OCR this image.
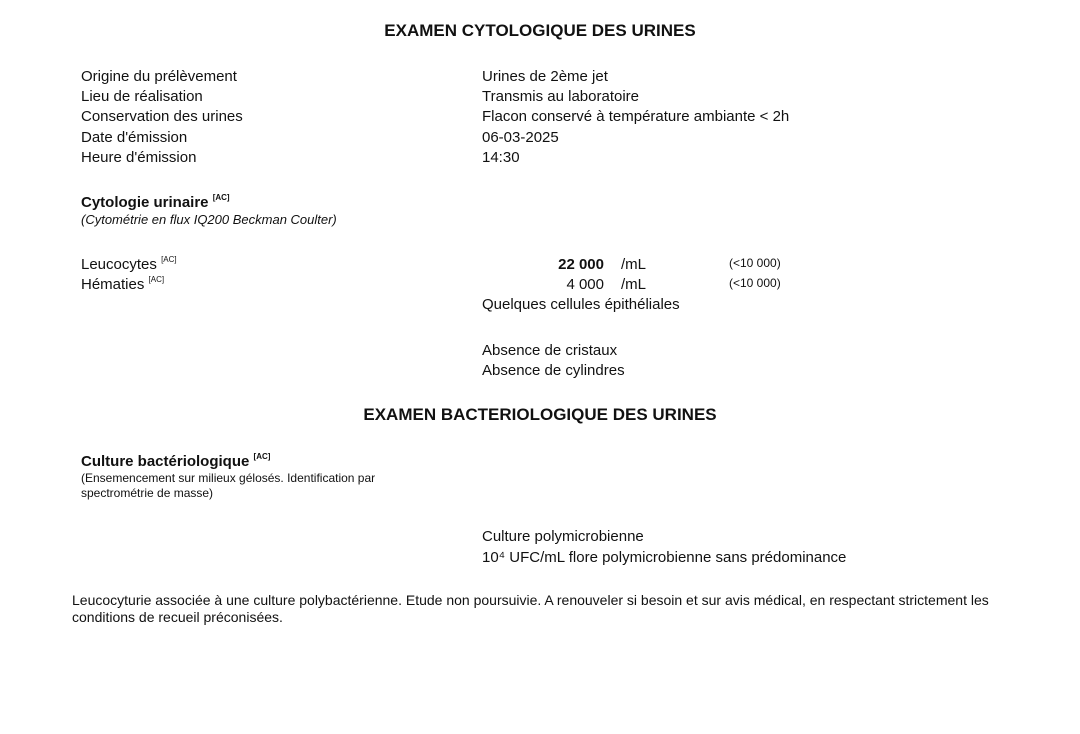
EXAMEN CYTOLOGIQUE DES URINES
Origine du prélèvement	Urines de 2ème jet
Lieu de réalisation	Transmis au laboratoire
Conservation des urines	Flacon conservé à température ambiante < 2h
Date d'émission	06-03-2025
Heure d'émission	14:30
Cytologie urinaire [AC]
(Cytométrie en flux IQ200 Beckman Coulter)
Leucocytes [AC]	22 000 /mL	(<10 000)
Hématies [AC]	4 000 /mL	(<10 000)
Quelques cellules épithéliales
Absence de cristaux
Absence de cylindres
EXAMEN BACTERIOLOGIQUE DES URINES
Culture bactériologique [AC]
(Ensemencement sur milieux gélosés. Identification par
spectrométrie de masse)
Culture polymicrobienne
10⁴ UFC/mL flore polymicrobienne sans prédominance
Leucocyturie associée à une culture polybactérienne. Etude non poursuivie. A renouveler si besoin et sur avis médical, en respectant strictement les conditions de recueil préconisées.
